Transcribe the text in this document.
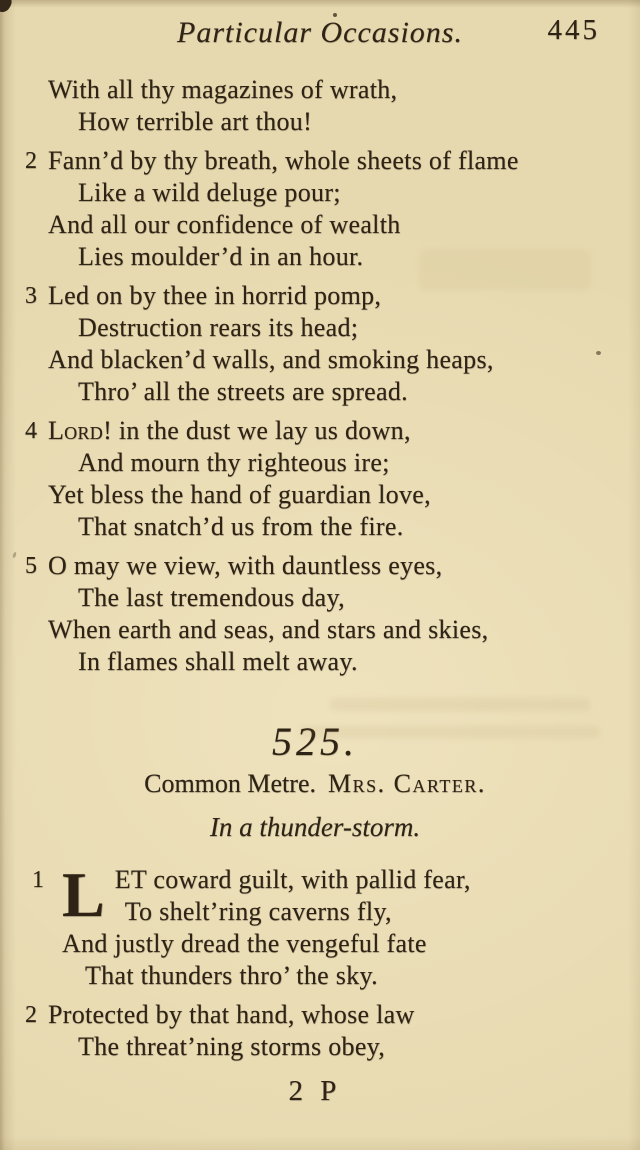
Particular Occasions.	445
With all thy magazines of wrath,
How terrible art thou!
2 Fann’d by thy breath, whole sheets of flame
Like a wild deluge pour;
And all our confidence of wealth
Lies moulder’d in an hour.
3 Led on by thee in horrid pomp,
Destruction rears its head;
And blacken’d walls, and smoking heaps,
Thro’ all the streets are spread.
4 Lord! in the dust we lay us down,
And mourn thy righteous ire;
Yet bless the hand of guardian love,
That snatch’d us from the fire.
5 O may we view, with dauntless eyes,
The last tremendous day,
When earth and seas, and stars and skies,
In flames shall melt away.
525.
Common Metre. Mrs. Carter.
In a thunder-storm.
1 L ET coward guilt, with pallid fear,
To shelt’ring caverns fly,
And justly dread the vengeful fate
That thunders thro’ the sky.
2 Protected by that hand, whose law
The threat’ning storms obey,
2 P
